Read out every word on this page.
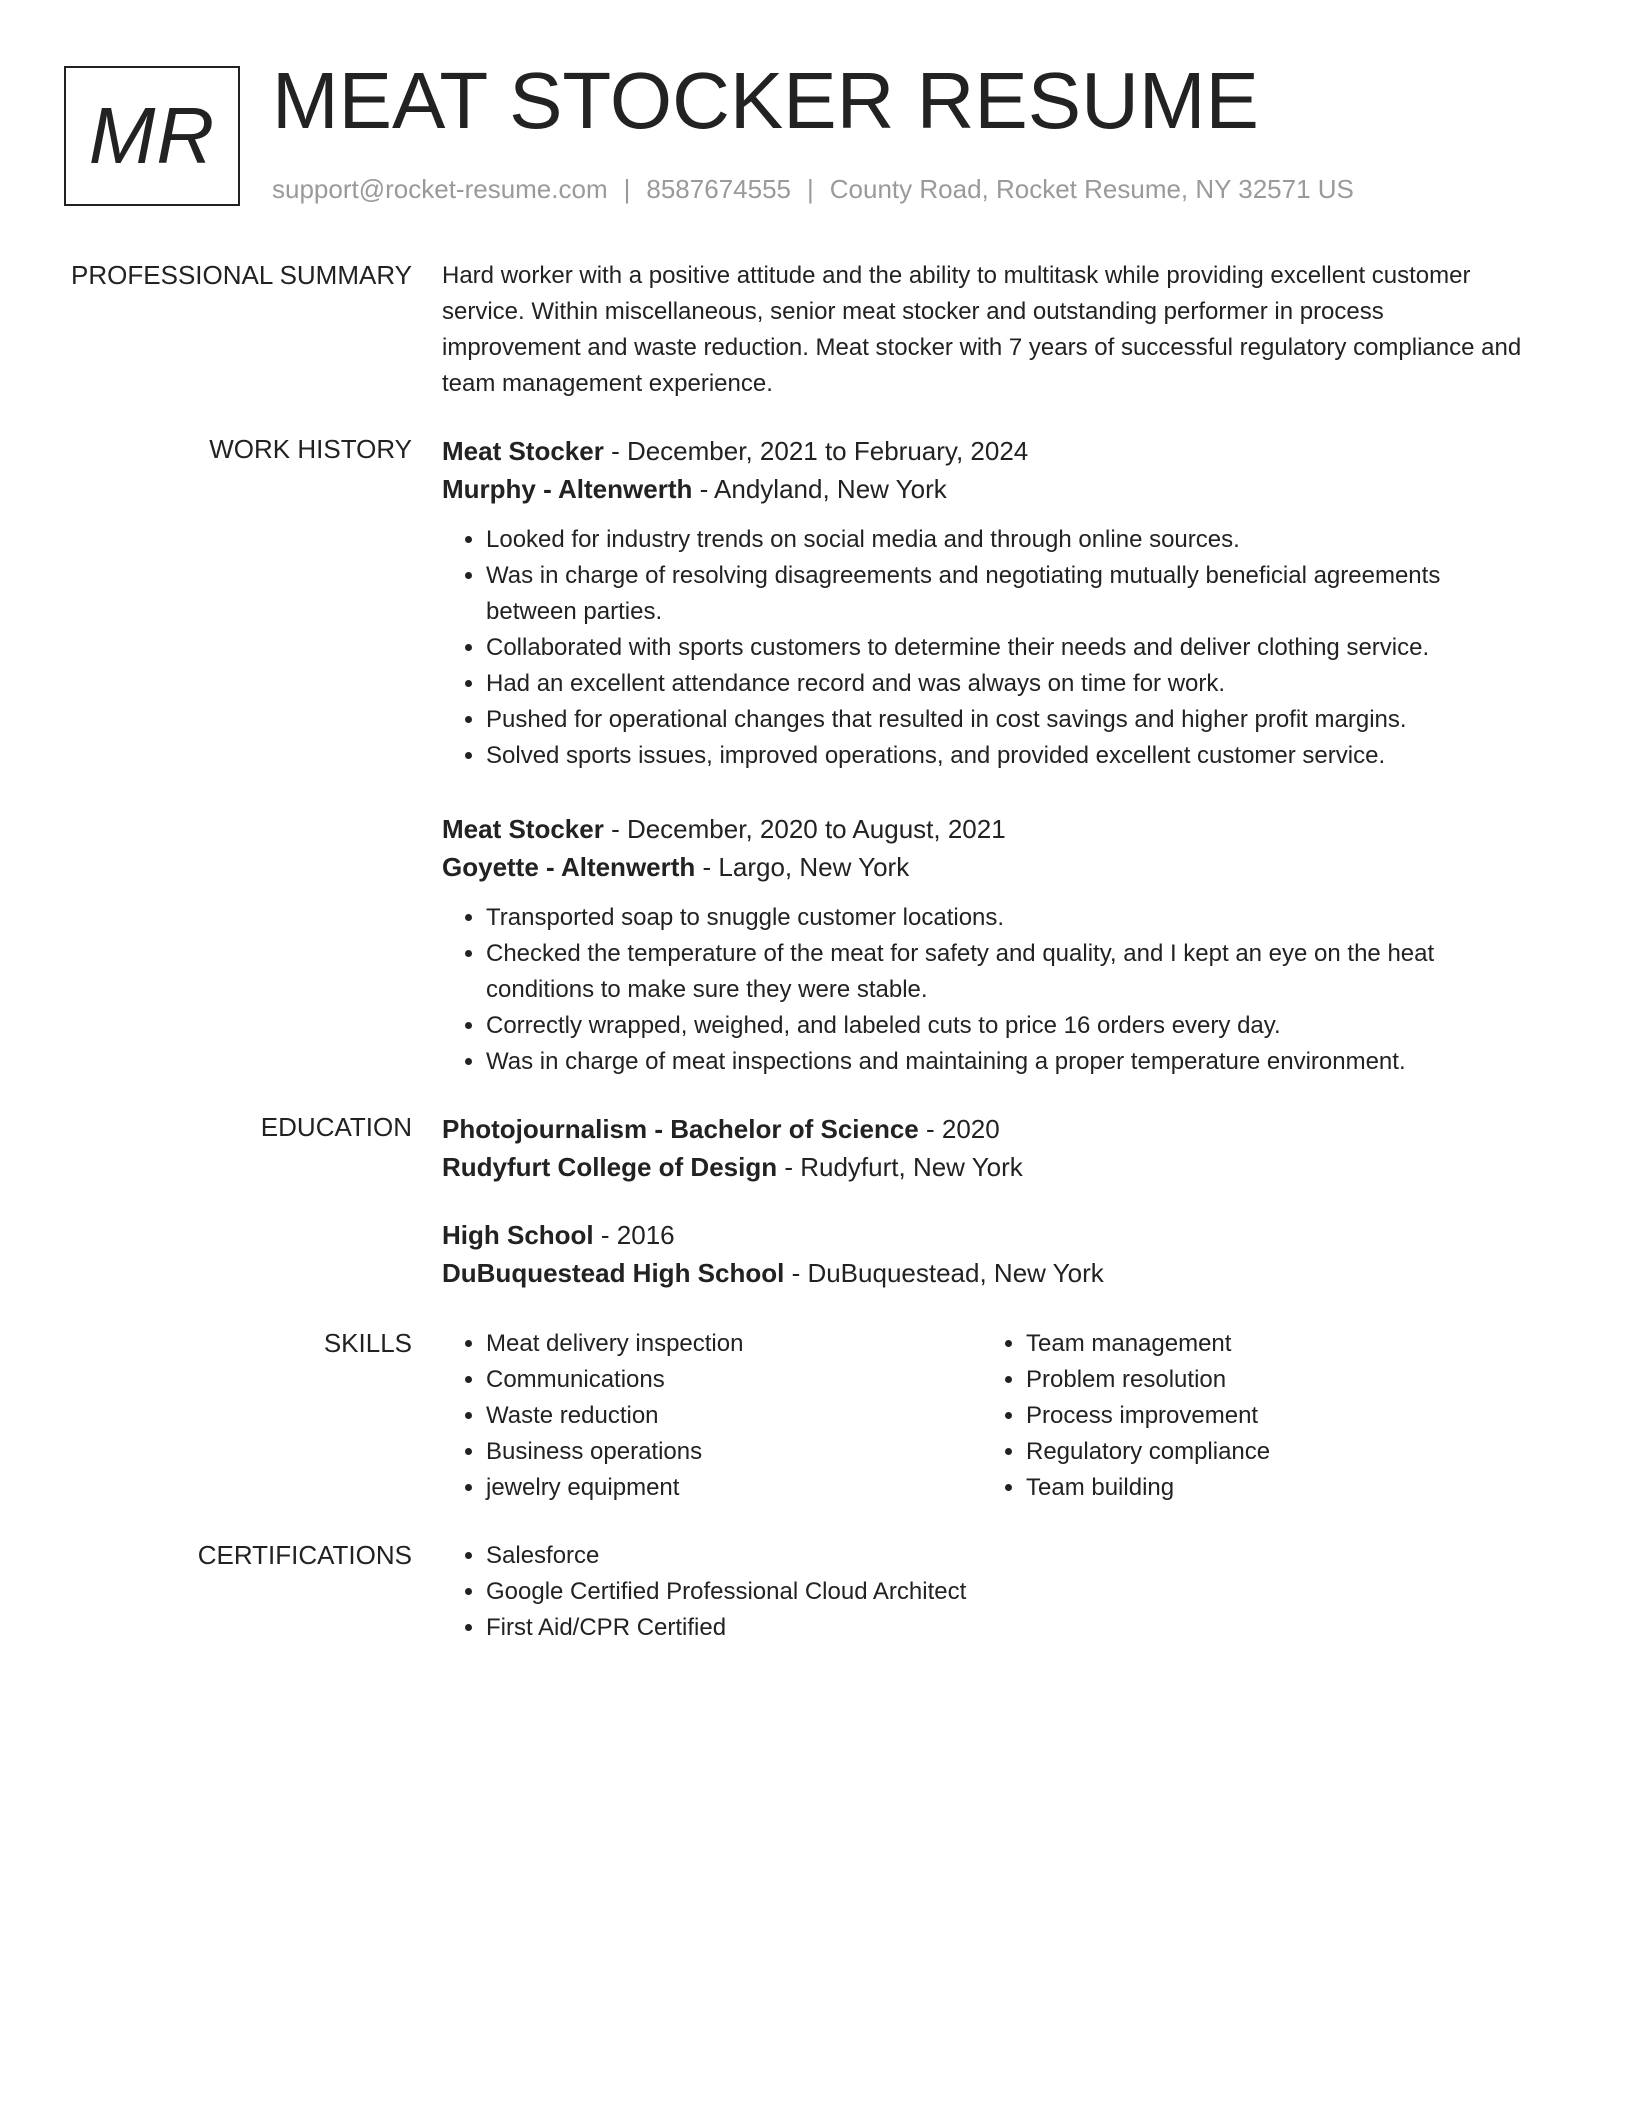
MR MEAT STOCKER RESUME
support@rocket-resume.com | 8587674555 | County Road, Rocket Resume, NY 32571 US
PROFESSIONAL SUMMARY Hard worker with a positive attitude and the ability to multitask while providing excellent customer service. Within miscellaneous, senior meat stocker and outstanding performer in process improvement and waste reduction. Meat stocker with 7 years of successful regulatory compliance and team management experience.

WORK HISTORY Meat Stocker - December, 2021 to February, 2024
Murphy - Altenwerth - Andyland, New York
• Looked for industry trends on social media and through online sources.
• Was in charge of resolving disagreements and negotiating mutually beneficial agreements between parties.
• Collaborated with sports customers to determine their needs and deliver clothing service.
• Had an excellent attendance record and was always on time for work.
• Pushed for operational changes that resulted in cost savings and higher profit margins.
• Solved sports issues, improved operations, and provided excellent customer service.
Meat Stocker - December, 2020 to August, 2021
Goyette - Altenwerth - Largo, New York
• Transported soap to snuggle customer locations.
• Checked the temperature of the meat for safety and quality, and I kept an eye on the heat conditions to make sure they were stable.
• Correctly wrapped, weighed, and labeled cuts to price 16 orders every day.
• Was in charge of meat inspections and maintaining a proper temperature environment.
EDUCATION Photojournalism - Bachelor of Science - 2020
Rudyfurt College of Design - Rudyfurt, New York
High School - 2016
DuBuquestead High School - DuBuquestead, New York
SKILLS	• Meat delivery inspection
• Communications
• Waste reduction
• Business operations
• jewelry equipment
• Team management
• Problem resolution
• Process improvement
• Regulatory compliance
• Team building
CERTIFICATIONS	• Salesforce
• Google Certified Professional Cloud Architect
• First Aid/CPR Certified
